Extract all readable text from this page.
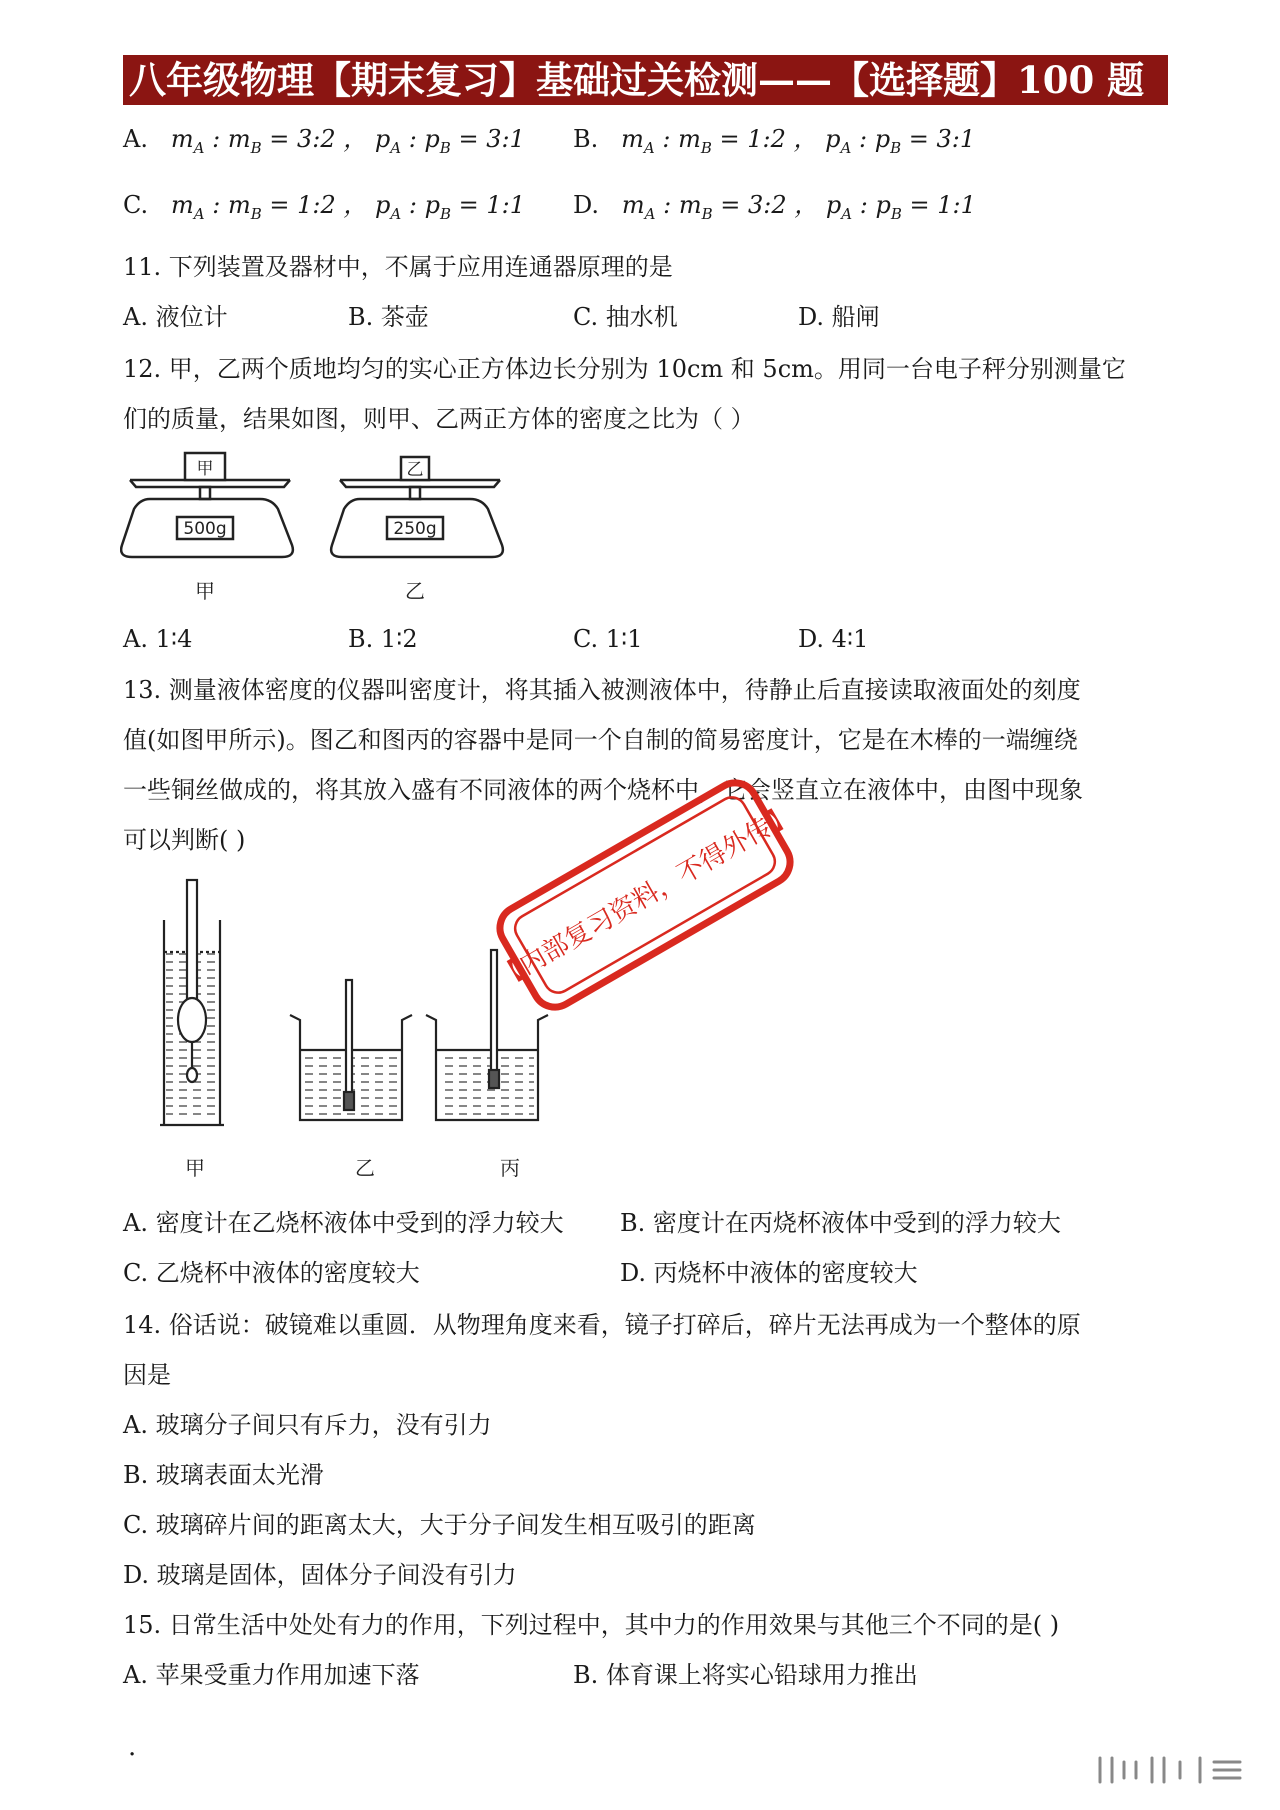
八年级物理【期末复习】基础过关检测——【选择题】100 题
A.   $m_A$ : $m_B$ = 3:2 ， $p_A$ : $p_B$ = 3:1 B.   $m_A$ : $m_B$ = 1:2 ， $p_A$ : $p_B$ = 3:1
C.   $m_A$ : $m_B$ = 1:2 ， $p_A$ : $p_B$ = 1:1 D.   $m_A$ : $m_B$ = 3:2 ， $p_A$ : $p_B$ = 1:1
11. 下列装置及器材中，不属于应用连通器原理的是
A. 液位计	B. 茶壶	C. 抽水机	D. 船闸
12. 甲，乙两个质地均匀的实心正方体边长分别为 10cm 和 5cm。用同一台电子秤分别测量它
们的质量，结果如图，则甲、乙两正方体的密度之比为（ ）
甲
500g
甲
乙
250g
乙
A. 1∶4	B. 1∶2	C. 1∶1	D. 4∶1
13. 测量液体密度的仪器叫密度计，将其插入被测液体中，待静止后直接读取液面处的刻度
值(如图甲所示)。图乙和图丙的容器中是同一个自制的简易密度计，它是在木棒的一端缠绕
一些铜丝做成的，将其放入盛有不同液体的两个烧杯中，它会竖直立在液体中，由图中现象
可以判断( )
甲	乙	丙
【内部复习资料，不得外传】
A. 密度计在乙烧杯液体中受到的浮力较大 B. 密度计在丙烧杯液体中受到的浮力较大
C. 乙烧杯中液体的密度较大	D. 丙烧杯中液体的密度较大
14. 俗话说：破镜难以重圆．从物理角度来看，镜子打碎后，碎片无法再成为一个整体的原
因是
A. 玻璃分子间只有斥力，没有引力
B. 玻璃表面太光滑
C. 玻璃碎片间的距离太大，大于分子间发生相互吸引的距离
D. 玻璃是固体，固体分子间没有引力
15. 日常生活中处处有力的作用，下列过程中，其中力的作用效果与其他三个不同的是( )
A. 苹果受重力作用加速下落	B. 体育课上将实心铅球用力推出
·
